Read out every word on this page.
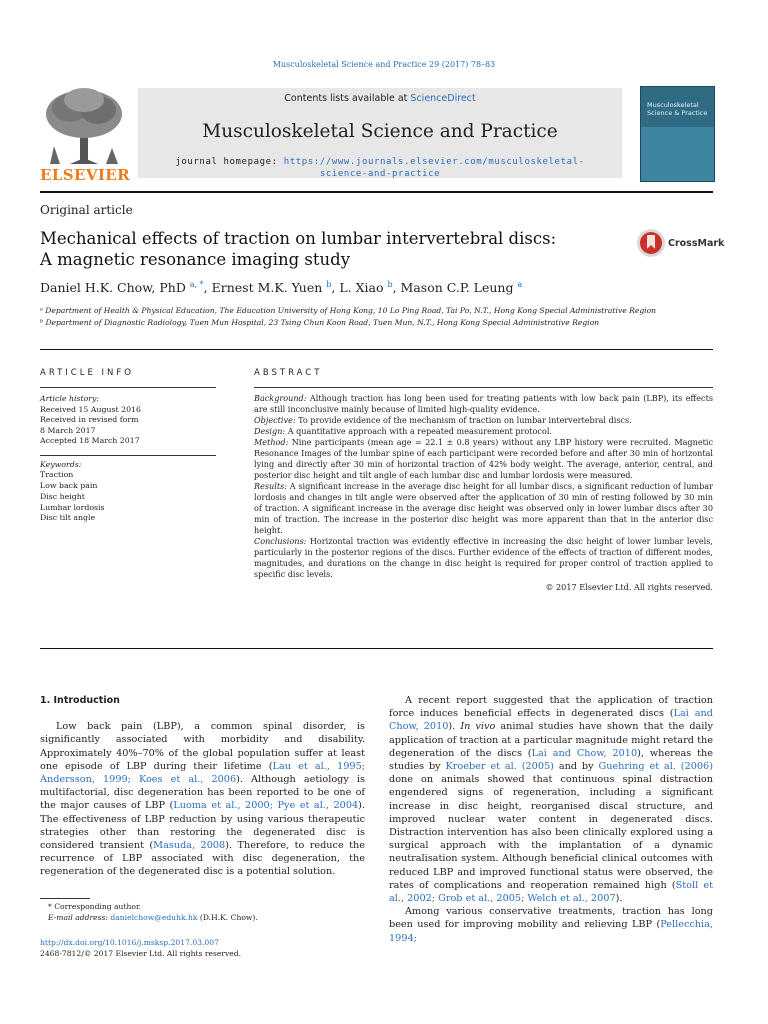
Musculoskeletal Science and Practice 29 (2017) 78–83
ELSEVIER
Contents lists available at ScienceDirect
Musculoskeletal Science and Practice
journal homepage: https://www.journals.elsevier.com/musculoskeletal-
science-and-practice
Musculoskeletal Science & Practice
Original article
Mechanical effects of traction on lumbar intervertebral discs:
A magnetic resonance imaging study
CrossMark
Daniel H.K. Chow, PhD $^{a, *}$, Ernest M.K. Yuen $^b$, L. Xiao $^b$, Mason C.P. Leung $^a$
ᵃ Department of Health & Physical Education, The Education University of Hong Kong, 10 Lo Ping Road, Tai Po, N.T., Hong Kong Special Administrative Region
ᵇ Department of Diagnostic Radiology, Tuen Mun Hospital, 23 Tsing Chun Koon Road, Tuen Mun, N.T., Hong Kong Special Administrative Region
ARTICLE INFO
Article history:
Received 15 August 2016
Received in revised form
8 March 2017
Accepted 18 March 2017
Keywords:
Traction
Low back pain
Disc height
Lumbar lordosis
Disc tilt angle
ABSTRACT
Background: Although traction has long been used for treating patients with low back pain (LBP), its effects are still inconclusive mainly because of limited high-quality evidence.
Objective: To provide evidence of the mechanism of traction on lumbar intervertebral discs.
Design: A quantitative approach with a repeated measurement protocol.
Method: Nine participants (mean age = 22.1 ± 0.8 years) without any LBP history were recruited. Magnetic Resonance Images of the lumbar spine of each participant were recorded before and after 30 min of horizontal lying and directly after 30 min of horizontal traction of 42% body weight. The average, anterior, central, and posterior disc height and tilt angle of each lumbar disc and lumbar lordosis were measured.
Results: A significant increase in the average disc height for all lumbar discs, a significant reduction of lumbar lordosis and changes in tilt angle were observed after the application of 30 min of resting followed by 30 min of traction. A significant increase in the average disc height was observed only in lower lumbar discs after 30 min of traction. The increase in the posterior disc height was more apparent than that in the anterior disc height.
Conclusions: Horizontal traction was evidently effective in increasing the disc height of lower lumbar levels, particularly in the posterior regions of the discs. Further evidence of the effects of traction of different modes, magnitudes, and durations on the change in disc height is required for proper control of traction applied to specific disc levels.
© 2017 Elsevier Ltd. All rights reserved.
1. Introduction
Low back pain (LBP), a common spinal disorder, is significantly associated with morbidity and disability. Approximately 40%–70% of the global population suffer at least one episode of LBP during their lifetime (Lau et al., 1995; Andersson, 1999; Koes et al., 2006). Although aetiology is multifactorial, disc degeneration has been reported to be one of the major causes of LBP (Luoma et al., 2000; Pye et al., 2004). The effectiveness of LBP reduction by using various therapeutic strategies other than restoring the degenerated disc is considered transient (Masuda, 2008). Therefore, to reduce the recurrence of LBP associated with disc degeneration, the regeneration of the degenerated disc is a potential solution.
A recent report suggested that the application of traction force induces beneficial effects in degenerated discs (Lai and Chow, 2010). In vivo animal studies have shown that the daily application of traction at a particular magnitude might retard the degeneration of the discs (Lai and Chow, 2010), whereas the studies by Kroeber et al. (2005) and by Guehring et al. (2006) done on animals showed that continuous spinal distraction engendered signs of regeneration, including a significant increase in disc height, reorganised discal structure, and improved nuclear water content in degenerated discs. Distraction intervention has also been clinically explored using a surgical approach with the implantation of a dynamic neutralisation system. Although beneficial clinical outcomes with reduced LBP and improved functional status were observed, the rates of complications and reoperation remained high (Stoll et al., 2002; Grob et al., 2005; Welch et al., 2007).
Among various conservative treatments, traction has long been used for improving mobility and relieving LBP (Pellecchia, 1994;
* Corresponding author.
E-mail address: danielchow@eduhk.hk (D.H.K. Chow).
http://dx.doi.org/10.1016/j.msksp.2017.03.007
2468-7812/© 2017 Elsevier Ltd. All rights reserved.
